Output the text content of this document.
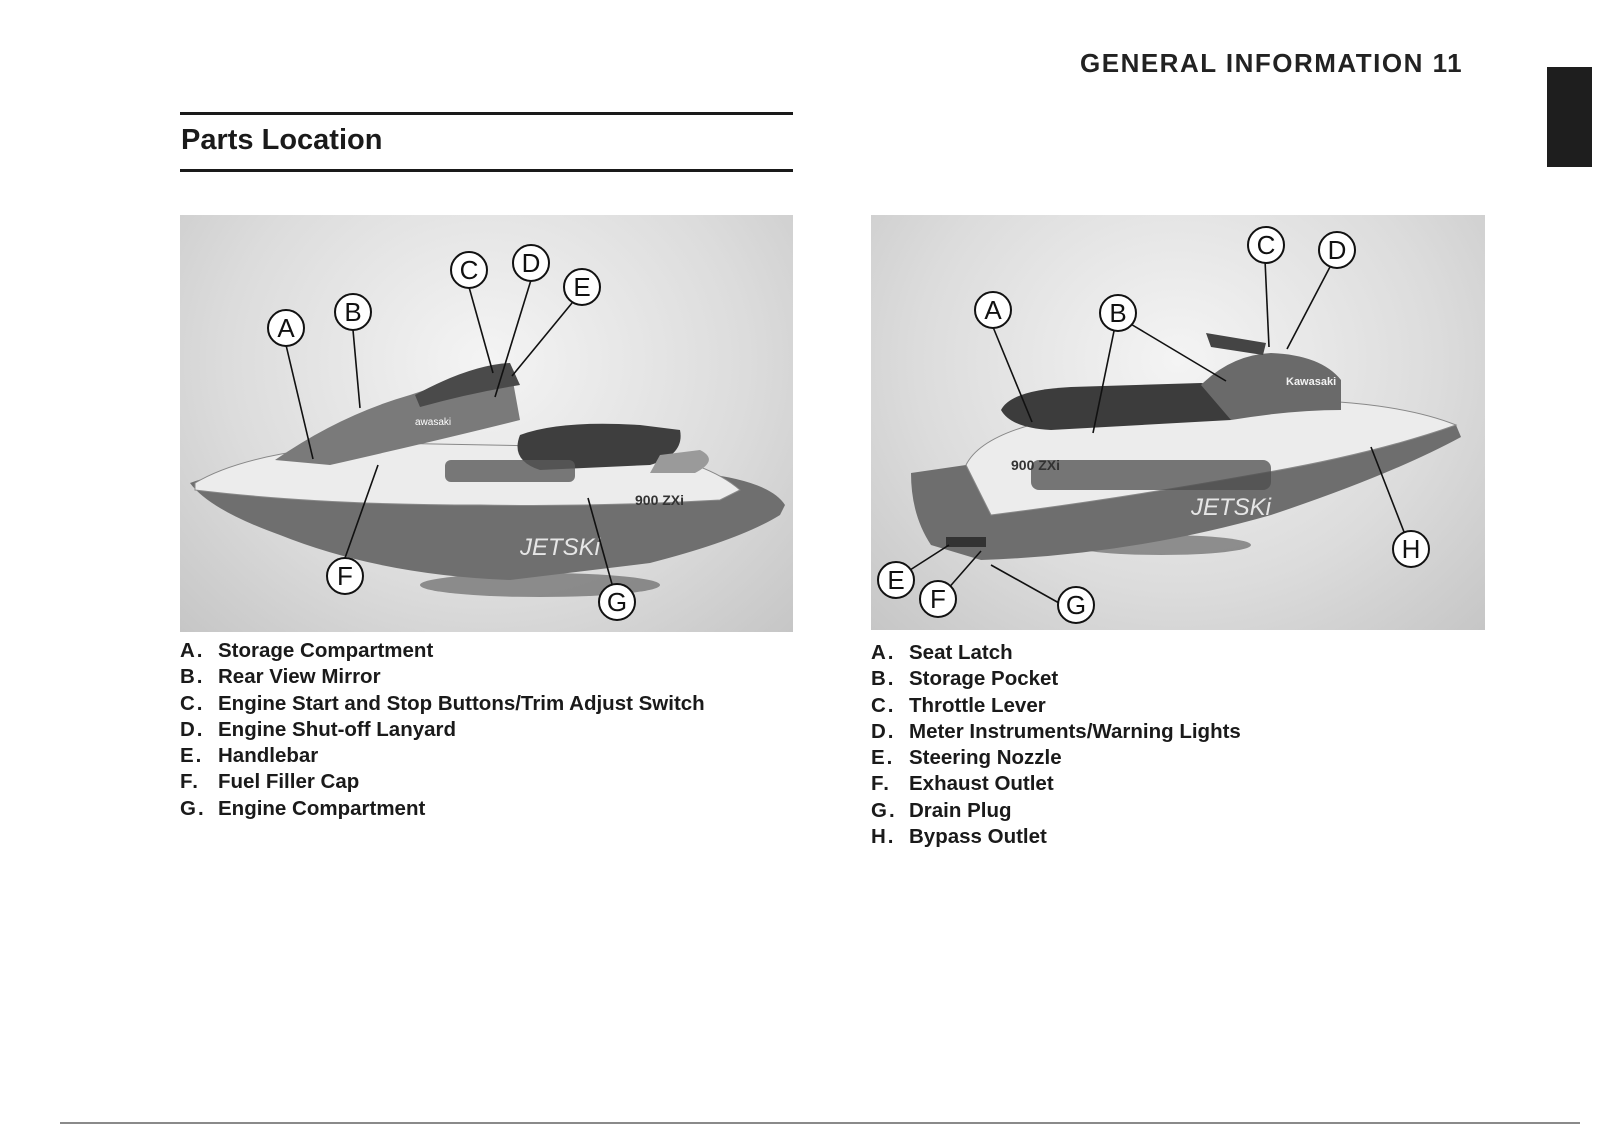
GENERAL INFORMATION 11
Parts Location
900 ZXi
awasaki
JETSKi
A
B
C D
E
F
G
A. Storage Compartment
B. Rear View Mirror
C. Engine Start and Stop Buttons/Trim Adjust Switch
D. Engine Shut-off Lanyard
E. Handlebar
F. Fuel Filler Cap
G. Engine Compartment
Kawasaki
900 ZXi
JETSKi
A	B
C D
E
F	G
H
A. Seat Latch
B. Storage Pocket
C. Throttle Lever
D. Meter Instruments/Warning Lights
E. Steering Nozzle
F. Exhaust Outlet
G. Drain Plug
H. Bypass Outlet
